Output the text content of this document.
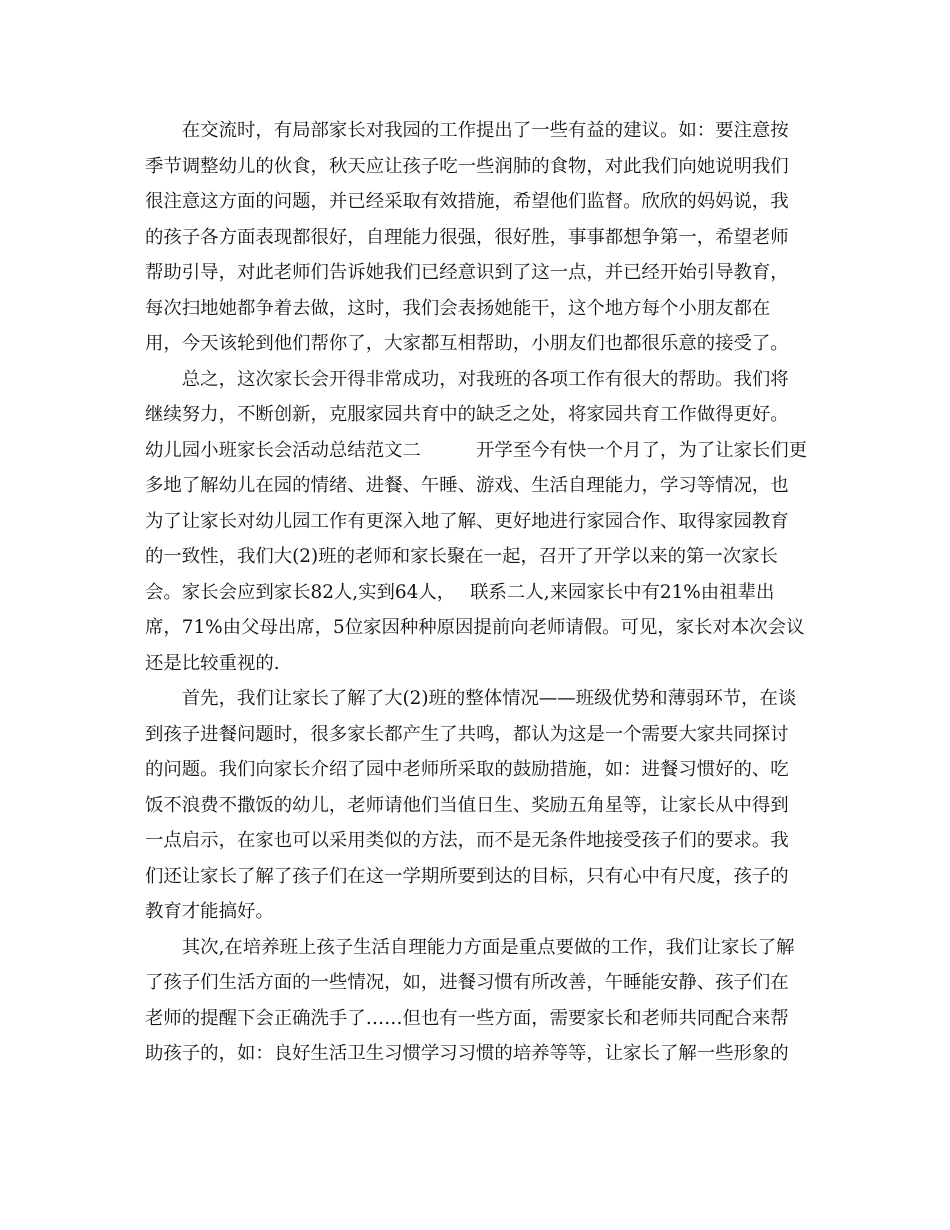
　　在交流时，有局部家长对我园的工作提出了一些有益的建议。如：要注意按
季节调整幼儿的伙食，秋天应让孩子吃一些润肺的食物，对此我们向她说明我们
很注意这方面的问题，并已经采取有效措施，希望他们监督。欣欣的妈妈说，我
的孩子各方面表现都很好，自理能力很强，很好胜，事事都想争第一，希望老师
帮助引导，对此老师们告诉她我们已经意识到了这一点，并已经开始引导教育，
每次扫地她都争着去做，这时，我们会表扬她能干，这个地方每个小朋友都在
用，今天该轮到他们帮你了，大家都互相帮助，小朋友们也都很乐意的接受了。
　　总之，这次家长会开得非常成功，对我班的各项工作有很大的帮助。我们将
继续努力，不断创新，克服家园共育中的缺乏之处，将家园共育工作做得更好。
幼儿园小班家长会活动总结范文二　　　开学至今有快一个月了，为了让家长们更
多地了解幼儿在园的情绪、进餐、午睡、游戏、生活自理能力，学习等情况，也
为了让家长对幼儿园工作有更深入地了解、更好地进行家园合作、取得家园教育
的一致性，我们大(2)班的老师和家长聚在一起，召开了开学以来的第一次家长
会。家长会应到家长82人,实到64人，　 联系二人,来园家长中有21%由祖辈出
席，71%由父母出席，5位家因种种原因提前向老师请假。可见，家长对本次会议
还是比较重视的.
　　首先，我们让家长了解了大(2)班的整体情况——班级优势和薄弱环节，在谈
到孩子进餐问题时，很多家长都产生了共鸣，都认为这是一个需要大家共同探讨
的问题。我们向家长介绍了园中老师所采取的鼓励措施，如：进餐习惯好的、吃
饭不浪费不撒饭的幼儿，老师请他们当值日生、奖励五角星等，让家长从中得到
一点启示，在家也可以采用类似的方法，而不是无条件地接受孩子们的要求。我
们还让家长了解了孩子们在这一学期所要到达的目标，只有心中有尺度，孩子的
教育才能搞好。
　　其次,在培养班上孩子生活自理能力方面是重点要做的工作，我们让家长了解
了孩子们生活方面的一些情况，如，进餐习惯有所改善，午睡能安静、孩子们在
老师的提醒下会正确洗手了……但也有一些方面，需要家长和老师共同配合来帮
助孩子的，如：良好生活卫生习惯学习习惯的培养等等，让家长了解一些形象的
